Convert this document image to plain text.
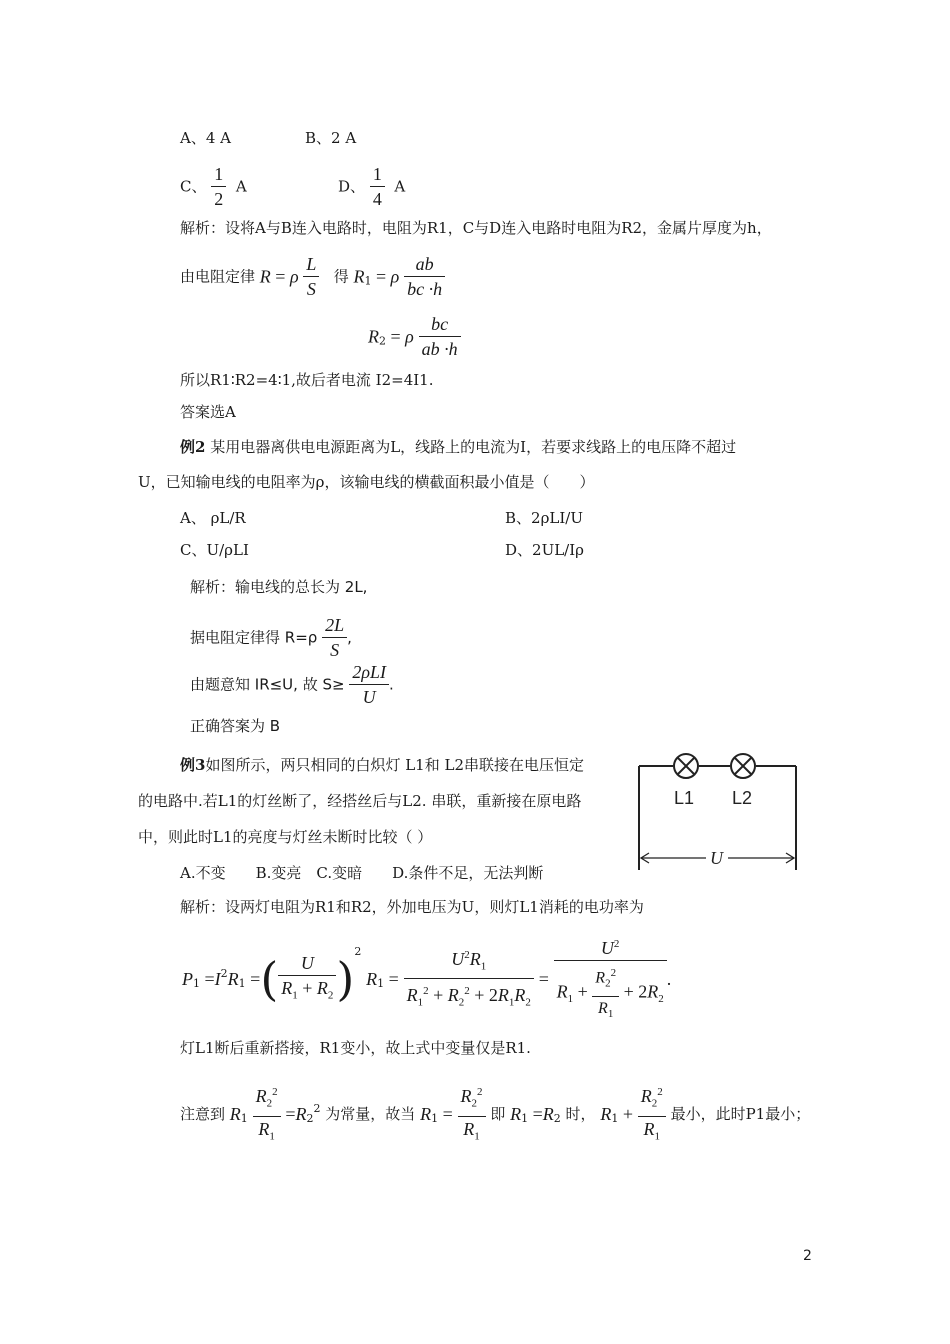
A、4 A	B、2 A
C、 $\frac{1}{2}$ A	D、 $\frac{1}{4}$ A
解析：设将A与B连入电路时，电阻为R1，C与D连入电路时电阻为R2，金属片厚度为h，
由电阻定律 R = ρ $\frac{L}{S}$ 得 $R_1 = \rho \frac{ab}{bc \cdot h}$
$R_2 = \rho \frac{bc}{ab \cdot h}$
所以R1∶R2=4∶1,故后者电流 I2=4I1.
答案选A
例2 某用电器离供电电源距离为L，线路上的电流为I，若要求线路上的电压降不超过
U，已知输电线的电阻率为ρ，该输电线的横截面积最小值是（　　）
A、 ρL/R	B、2ρLI/U
C、U/ρLI	D、2UL/Iρ
解析：输电线的总长为 2L,
据电阻定律得 $R=\rho \frac{2L}{S}$ ,
由题意知 IR≤U, 故 $S\ge \frac{\text{2ρLI}}{U}$ .
正确答案为 B
例3如图所示，两只相同的白炽灯 L1和 L2串联接在电压恒定
的电路中.若L1的灯丝断了，经搭丝后与L2. 串联，重新接在原电路
中，则此时L1的亮度与灯丝未断时比较（ ）
A.不变　　B.变亮　C.变暗　　D.条件不足，无法判断
L1 L2
U
解析：设两灯电阻为R1和R2，外加电压为U，则灯L1消耗的电功率为
$P_1 =I^2R_1$ =( $\frac{U}{R_1 + R_2} )^2$ $R_1 = \frac{U^2R_1}{R_1^2 + R_2^2 + 2R_1R_2} = \frac{U^2}{R_1 + \frac{R_2^2}{R_1} + 2R_2}$ .
灯L1断后重新搭接，R1变小，故上式中变量仅是R1.
注意到 $R_1 \frac{R_2^2}{R_1} =R_2^2$ 为常量，故当 $R_1 = \frac{R_2^2}{R_1}$ 即 $R_1 =R_2$ 时， $R_1 + \frac{R_2^2}{R_1}$ 最小，此时P1最小；
2
